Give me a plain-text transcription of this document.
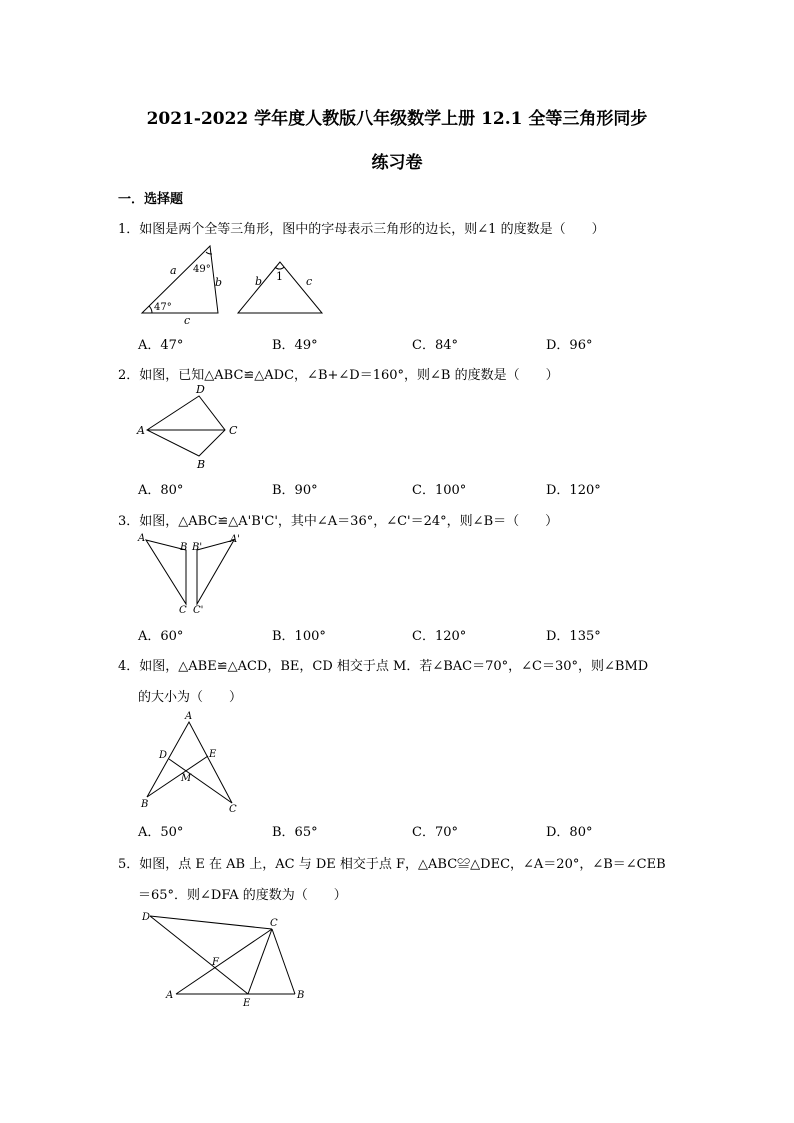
2021-2022 学年度人教版八年级数学上册 12.1 全等三角形同步
练习卷
一．选择题
1．如图是两个全等三角形，图中的字母表示三角形的边长，则∠1 的度数是（　　）
a
b
c
49°
47°
b 1 c
A．47°	B．49°	C．84°	D．96°
2．如图，已知△ABC≌△ADC，∠B+∠D＝160°，则∠B 的度数是（　　）
D
A	C
B
A．80°	B．90°	C．100°	D．120°
3．如图，△ABC≌△A'B'C'，其中∠A＝36°，∠C'＝24°，则∠B＝（　　）
A
B B'
A'
C C'
A．60°	B．100°	C．120°	D．135°
4．如图，△ABE≌△ACD，BE，CD 相交于点 M．若∠BAC＝70°，∠C＝30°，则∠BMD
的大小为（　　）
A
D	E
M
B	C
A．50°	B．65°	C．70°	D．80°
5．如图，点 E 在 AB 上，AC 与 DE 相交于点 F，△ABC≌△DEC，∠A＝20°，∠B＝∠CEB
＝65°．则∠DFA 的度数为（　　）
D
C
F
A
E
B
